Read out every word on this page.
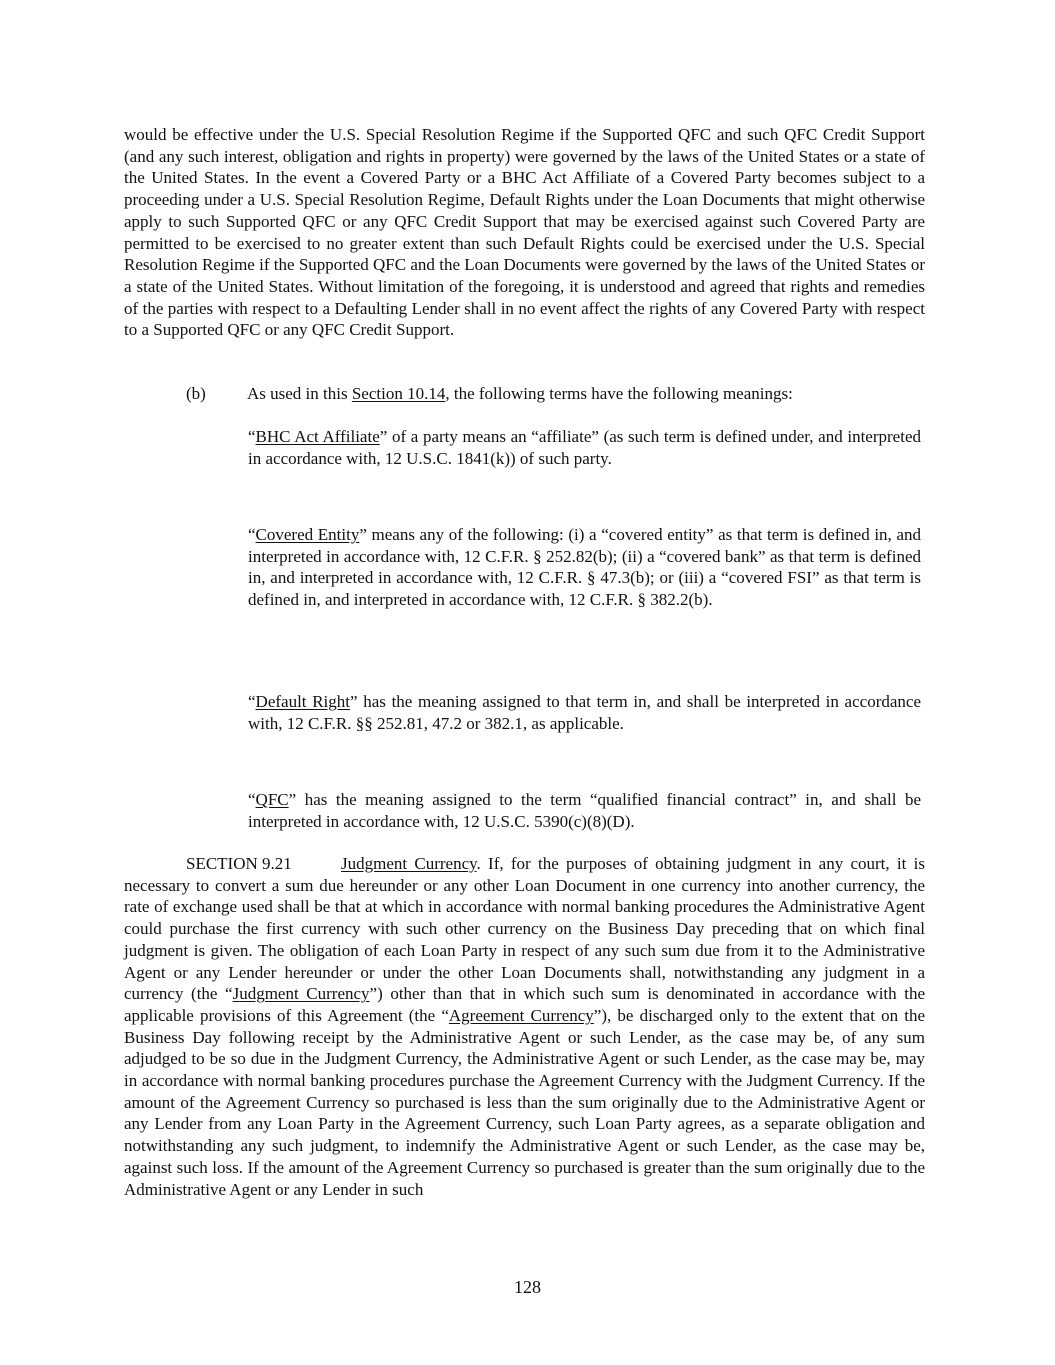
would be effective under the U.S. Special Resolution Regime if the Supported QFC and such QFC Credit Support (and any such interest, obligation and rights in property) were governed by the laws of the United States or a state of the United States. In the event a Covered Party or a BHC Act Affiliate of a Covered Party becomes subject to a proceeding under a U.S. Special Resolution Regime, Default Rights under the Loan Documents that might otherwise apply to such Supported QFC or any QFC Credit Support that may be exercised against such Covered Party are permitted to be exercised to no greater extent than such Default Rights could be exercised under the U.S. Special Resolution Regime if the Supported QFC and the Loan Documents were governed by the laws of the United States or a state of the United States. Without limitation of the foregoing, it is understood and agreed that rights and remedies of the parties with respect to a Defaulting Lender shall in no event affect the rights of any Covered Party with respect to a Supported QFC or any QFC Credit Support.

(b) As used in this Section 10.14, the following terms have the following meanings:

“BHC Act Affiliate” of a party means an “affiliate” (as such term is defined under, and interpreted in accordance with, 12 U.S.C. 1841(k)) of such party.

“Covered Entity” means any of the following: (i) a “covered entity” as that term is defined in, and interpreted in accordance with, 12 C.F.R. § 252.82(b); (ii) a “covered bank” as that term is defined in, and interpreted in accordance with, 12 C.F.R. § 47.3(b); or (iii) a “covered FSI” as that term is defined in, and interpreted in accordance with, 12 C.F.R. § 382.2(b).

“Default Right” has the meaning assigned to that term in, and shall be interpreted in accordance with, 12 C.F.R. §§ 252.81, 47.2 or 382.1, as applicable.

“QFC” has the meaning assigned to the term “qualified financial contract” in, and shall be interpreted in accordance with, 12 U.S.C. 5390(c)(8)(D).

SECTION 9.21	Judgment Currency. If, for the purposes of obtaining judgment in any court, it is necessary to convert a sum due hereunder or any other Loan Document in one currency into another currency, the rate of exchange used shall be that at which in accordance with normal banking procedures the Administrative Agent could purchase the first currency with such other currency on the Business Day preceding that on which final judgment is given. The obligation of each Loan Party in respect of any such sum due from it to the Administrative Agent or any Lender hereunder or under the other Loan Documents shall, notwithstanding any judgment in a currency (the “Judgment Currency”) other than that in which such sum is denominated in accordance with the applicable provisions of this Agreement (the “Agreement Currency”), be discharged only to the extent that on the Business Day following receipt by the Administrative Agent or such Lender, as the case may be, of any sum adjudged to be so due in the Judgment Currency, the Administrative Agent or such Lender, as the case may be, may in accordance with normal banking procedures purchase the Agreement Currency with the Judgment Currency. If the amount of the Agreement Currency so purchased is less than the sum originally due to the Administrative Agent or any Lender from any Loan Party in the Agreement Currency, such Loan Party agrees, as a separate obligation and notwithstanding any such judgment, to indemnify the Administrative Agent or such Lender, as the case may be, against such loss. If the amount of the Agreement Currency so purchased is greater than the sum originally due to the Administrative Agent or any Lender in such

128
